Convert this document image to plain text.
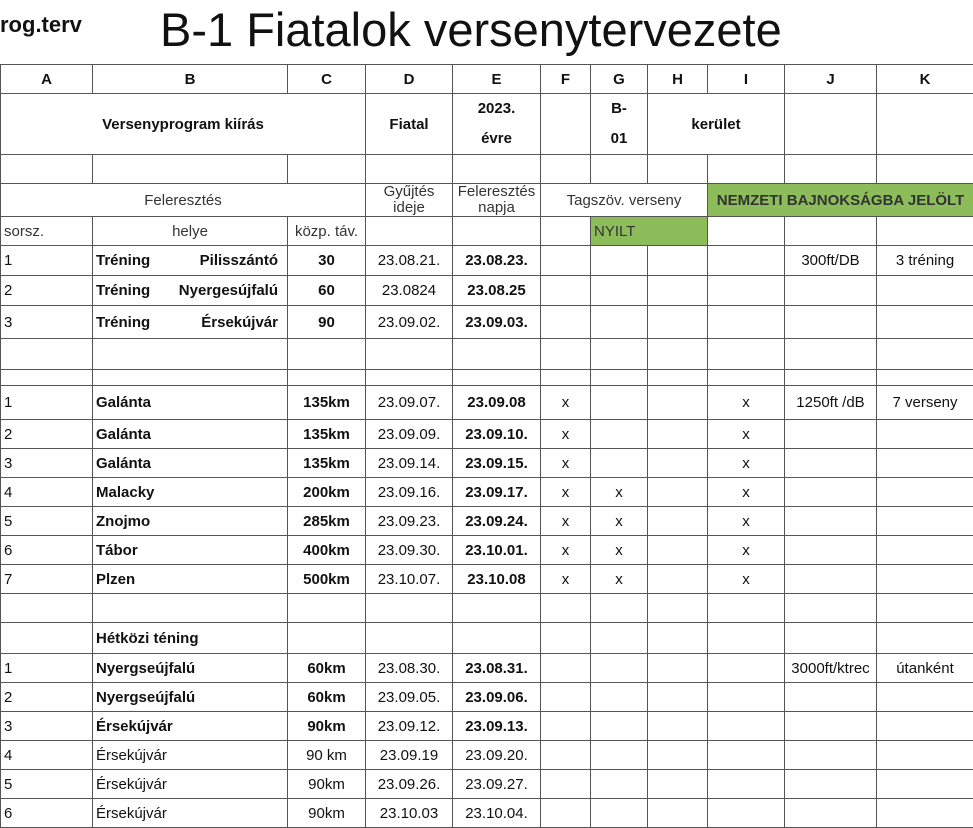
rog.terv B-1 Fiatalok versenytervezete
A	B	C	D	E	F	G	H	I	J	K
Versenyprogram kiírás			Fiatal	2023.
évre		B-
01	kerület			

Feleresztés			Gyűjtés ideje	Feleresztés napja	Tagszöv. verseny			NEMZETI BAJNOKSÁGBA JELÖLT		
sorsz.	helye	közp. táv.				NYILT				
1	Tréning Pilisszántó	30	23.08.21.	23.08.23.					300ft/DB	3 tréning
2	Tréning Nyergesújfalú	60	23.0824	23.08.25						
3	Tréning Érsekújvár	90	23.09.02.	23.09.03.						

1	Galánta	135km	23.09.07.	23.09.08	x			x	1250ft /dB	7 verseny
2	Galánta	135km	23.09.09.	23.09.10.	x			x		
3	Galánta	135km	23.09.14.	23.09.15.	x			x		
4	Malacky	200km	23.09.16.	23.09.17.	x	x		x		
5	Znojmo	285km	23.09.23.	23.09.24.	x	x		x		
6	Tábor	400km	23.09.30.	23.10.01.	x	x		x		
7	Plzen	500km	23.10.07.	23.10.08	x	x		x		

	Hétközi téning									
1	Nyergseújfalú	60km	23.08.30.	23.08.31.					3000ft/ktrec	útanként
2	Nyergseújfalú	60km	23.09.05.	23.09.06.						
3	Érsekújvár	90km	23.09.12.	23.09.13.						
4	Érsekújvár	90 km	23.09.19	23.09.20.						
5	Érsekújvár	90km	23.09.26.	23.09.27.						
6	Érsekújvár	90km	23.10.03	23.10.04.						
